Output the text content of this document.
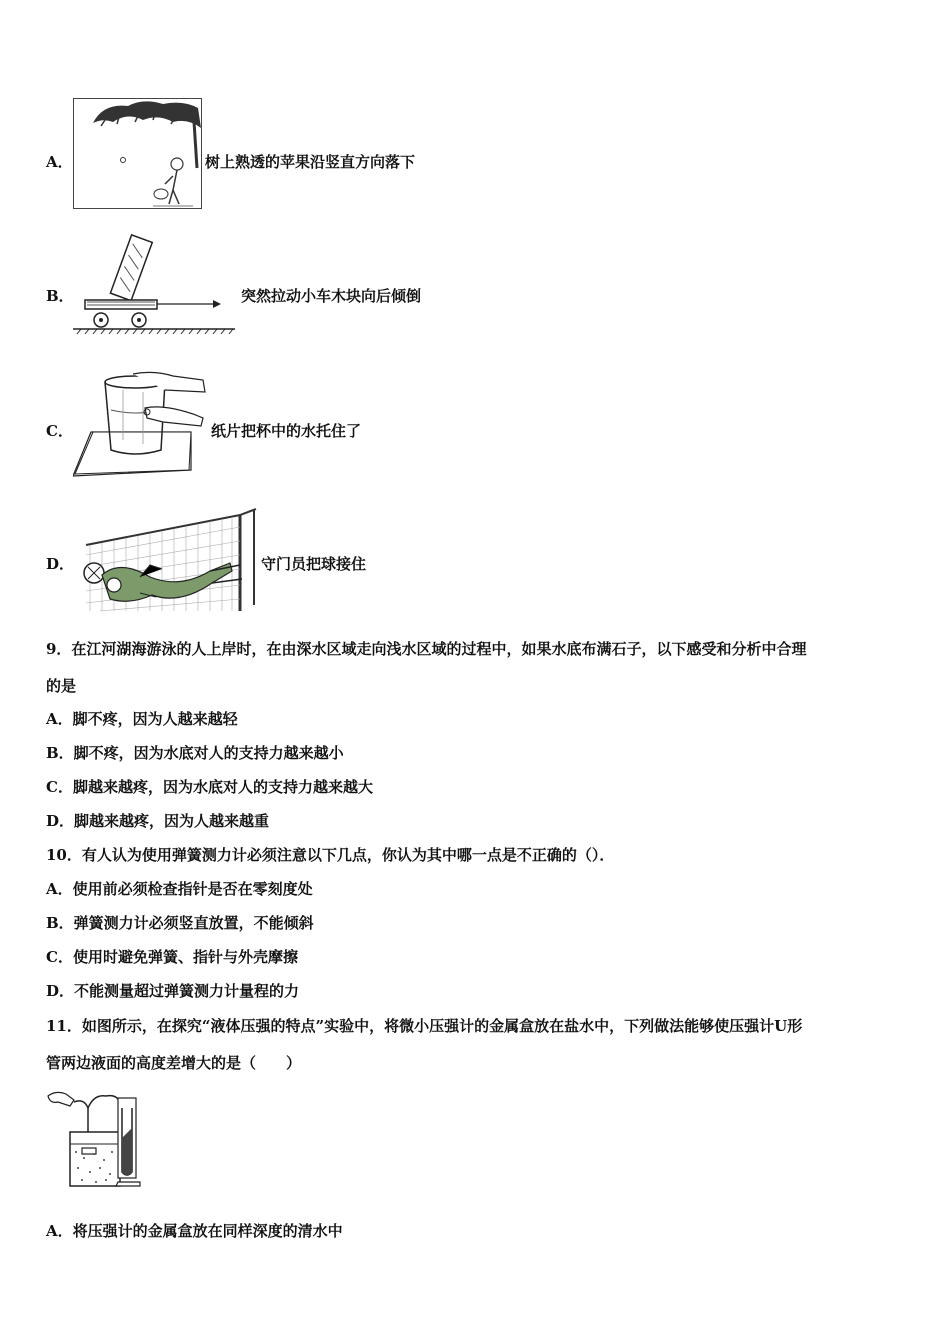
A．	树上熟透的苹果沿竖直方向落下
B．	突然拉动小车木块向后倾倒
C．	纸片把杯中的水托住了
D．	守门员把球接住
9．在江河湖海游泳的人上岸时，在由深水区域走向浅水区域的过程中，如果水底布满石子，以下感受和分析中合理
的是
A．脚不疼，因为人越来越轻
B．脚不疼，因为水底对人的支持力越来越小
C．脚越来越疼，因为水底对人的支持力越来越大
D．脚越来越疼，因为人越来越重
10．有人认为使用弹簧测力计必须注意以下几点，你认为其中哪一点是不正确的（）．
A．使用前必须检查指针是否在零刻度处
B．弹簧测力计必须竖直放置，不能倾斜
C．使用时避免弹簧、指针与外壳摩擦
D．不能测量超过弹簧测力计量程的力
11．如图所示，在探究“液体压强的特点”实验中，将微小压强计的金属盒放在盐水中，下列做法能够使压强计U形
管两边液面的高度差增大的是（　　）
A．将压强计的金属盒放在同样深度的清水中
